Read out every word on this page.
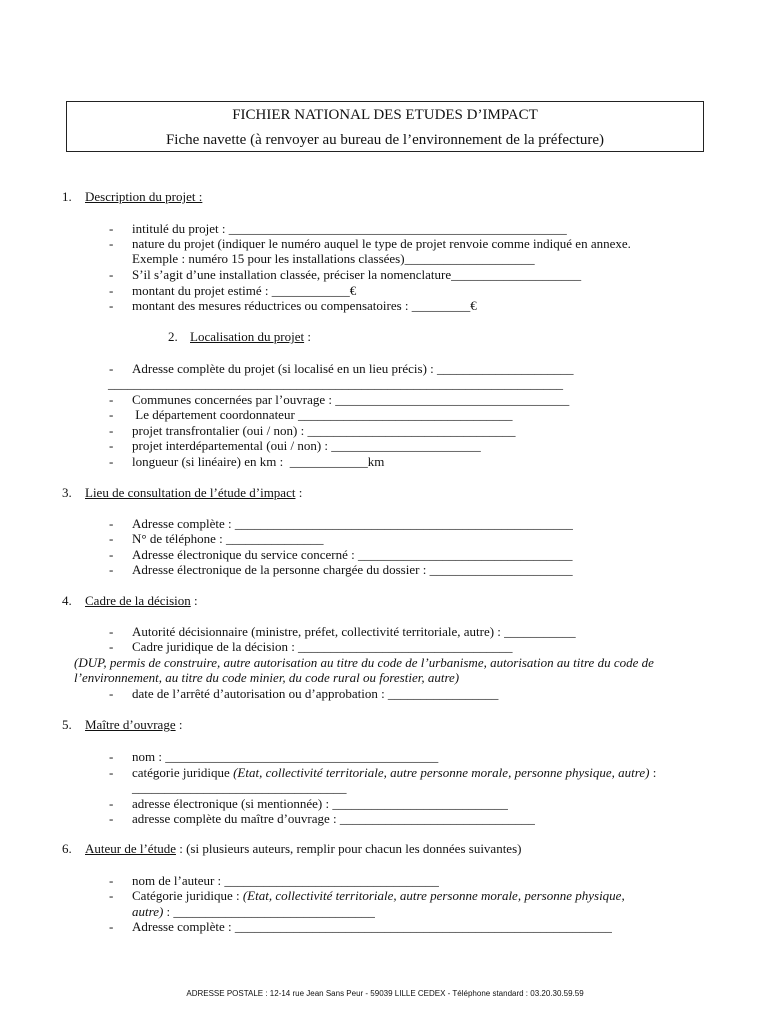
FICHIER NATIONAL DES ETUDES D’IMPACT
Fiche navette (à renvoyer au bureau de l’environnement de la préfecture)
1. Description du projet :
- intitulé du projet : ____________________________________________________
- nature du projet (indiquer le numéro auquel le type de projet renvoie comme indiqué en annexe.
Exemple : numéro 15 pour les installations classées)____________________
- S’il s’agit d’une installation classée, préciser la nomenclature____________________
- montant du projet estimé : ____________€
- montant des mesures réductrices ou compensatoires : _________€
2. Localisation du projet :
- Adresse complète du projet (si localisé en un lieu précis) : _____________________
______________________________________________________________________
- Communes concernées par l’ouvrage : ____________________________________
- Le département coordonnateur _________________________________
- projet transfrontalier (oui / non) : ________________________________
- projet interdépartemental (oui / non) : _______________________
- longueur (si linéaire) en km :  ____________km
3. Lieu de consultation de l’étude d’impact :
- Adresse complète : ____________________________________________________
- N° de téléphone : _______________
- Adresse électronique du service concerné : _________________________________
- Adresse électronique de la personne chargée du dossier : ______________________
4. Cadre de la décision :
- Autorité décisionnaire (ministre, préfet, collectivité territoriale, autre) : ___________
- Cadre juridique de la décision : _________________________________
(DUP, permis de construire, autre autorisation au titre du code de l’urbanisme, autorisation au titre du code de
l’environnement, au titre du code minier, du code rural ou forestier, autre)
- date de l’arrêté d’autorisation ou d’approbation : _________________
5. Maître d’ouvrage :
- nom : __________________________________________
- catégorie juridique (Etat, collectivité territoriale, autre personne morale, personne physique, autre) :
_________________________________
- adresse électronique (si mentionnée) : ___________________________
- adresse complète du maître d’ouvrage : ______________________________
6. Auteur de l’étude : (si plusieurs auteurs, remplir pour chacun les données suivantes)
- nom de l’auteur : _________________________________
- Catégorie juridique : (Etat, collectivité territoriale, autre personne morale, personne physique,
autre) : _______________________________
- Adresse complète : __________________________________________________________
ADRESSE POSTALE : 12-14 rue Jean Sans Peur - 59039 LILLE CEDEX - Téléphone standard : 03.20.30.59.59
